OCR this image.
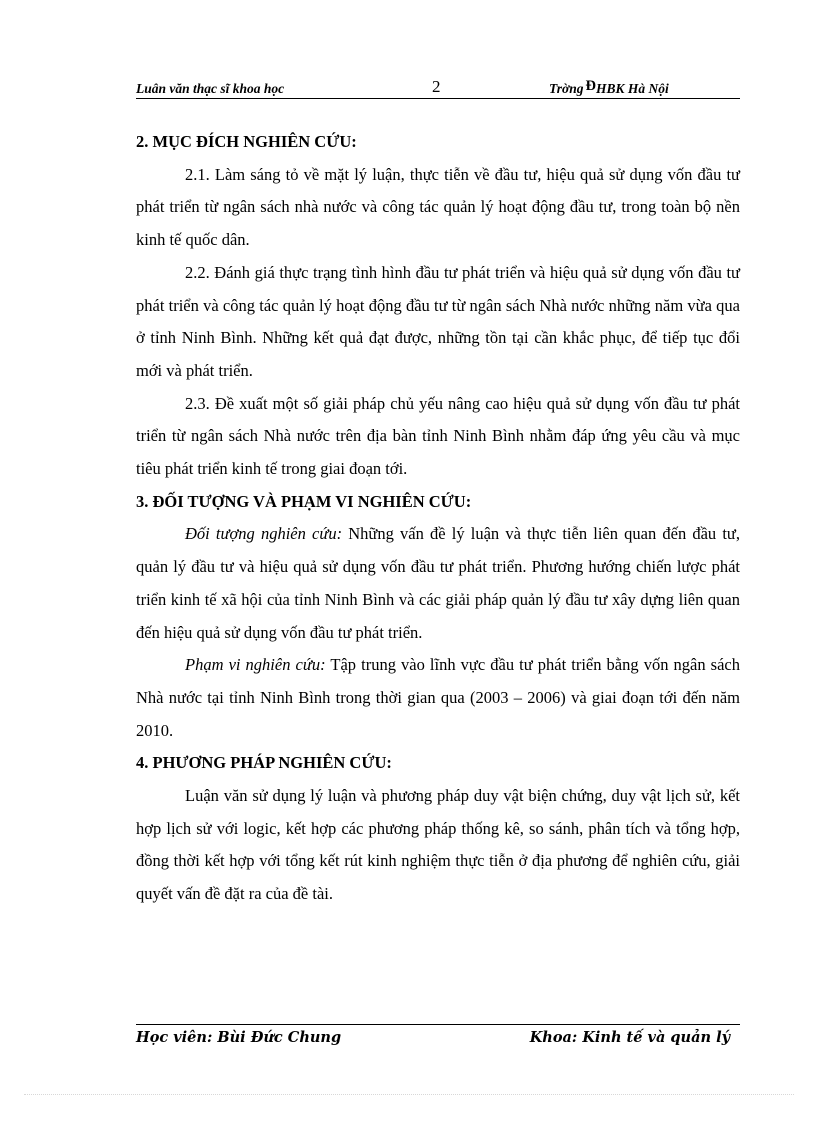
Luân văn thạc sĩ khoa học	2	Trờng ĐHBK Hà Nội

2. MỤC ĐÍCH NGHIÊN CỨU:

2.1. Làm sáng tỏ về mặt lý luận, thực tiễn về đầu tư, hiệu quả sử dụng vốn đầu tư phát triển từ ngân sách nhà nước và công tác quản lý hoạt động đầu tư, trong toàn bộ nền kinh tế quốc dân.

2.2. Đánh giá thực trạng tình hình đầu tư phát triển và hiệu quả sử dụng vốn đầu tư phát triển và công tác quản lý hoạt động đầu tư từ ngân sách Nhà nước những năm vừa qua ở tỉnh Ninh Bình. Những kết quả đạt được, những tồn tại cần khắc phục, để tiếp tục đổi mới và phát triển.

2.3. Đề xuất một số giải pháp chủ yếu nâng cao hiệu quả sử dụng vốn đầu tư phát triển từ ngân sách Nhà nước trên địa bàn tỉnh Ninh Bình nhằm đáp ứng yêu cầu và mục tiêu phát triển kinh tế trong giai đoạn tới.

3. ĐỐI TƯỢNG VÀ PHẠM VI NGHIÊN CỨU:

Đối tượng nghiên cứu: Những vấn đề lý luận và thực tiễn liên quan đến đầu tư, quản lý đầu tư và hiệu quả sử dụng vốn đầu tư phát triển. Phương hướng chiến lược phát triển kinh tế xã hội của tỉnh Ninh Bình và các giải pháp quản lý đầu tư xây dựng liên quan đến hiệu quả sử dụng vốn đầu tư phát triển.

Phạm vi nghiên cứu: Tập trung vào lĩnh vực đầu tư phát triển bằng vốn ngân sách Nhà nước tại tỉnh Ninh Bình trong thời gian qua (2003 – 2006) và giai đoạn tới đến năm 2010.

4. PHƯƠNG PHÁP NGHIÊN CỨU:

Luận văn sử dụng lý luận và phương pháp duy vật biện chứng, duy vật lịch sử, kết hợp lịch sử với logic, kết hợp các phương pháp thống kê, so sánh, phân tích và tổng hợp, đồng thời kết hợp với tổng kết rút kinh nghiệm thực tiễn ở địa phương để nghiên cứu, giải quyết vấn đề đặt ra của đề tài.

Học viên: Bùi Đức Chung	Khoa: Kinh tế và quản lý
